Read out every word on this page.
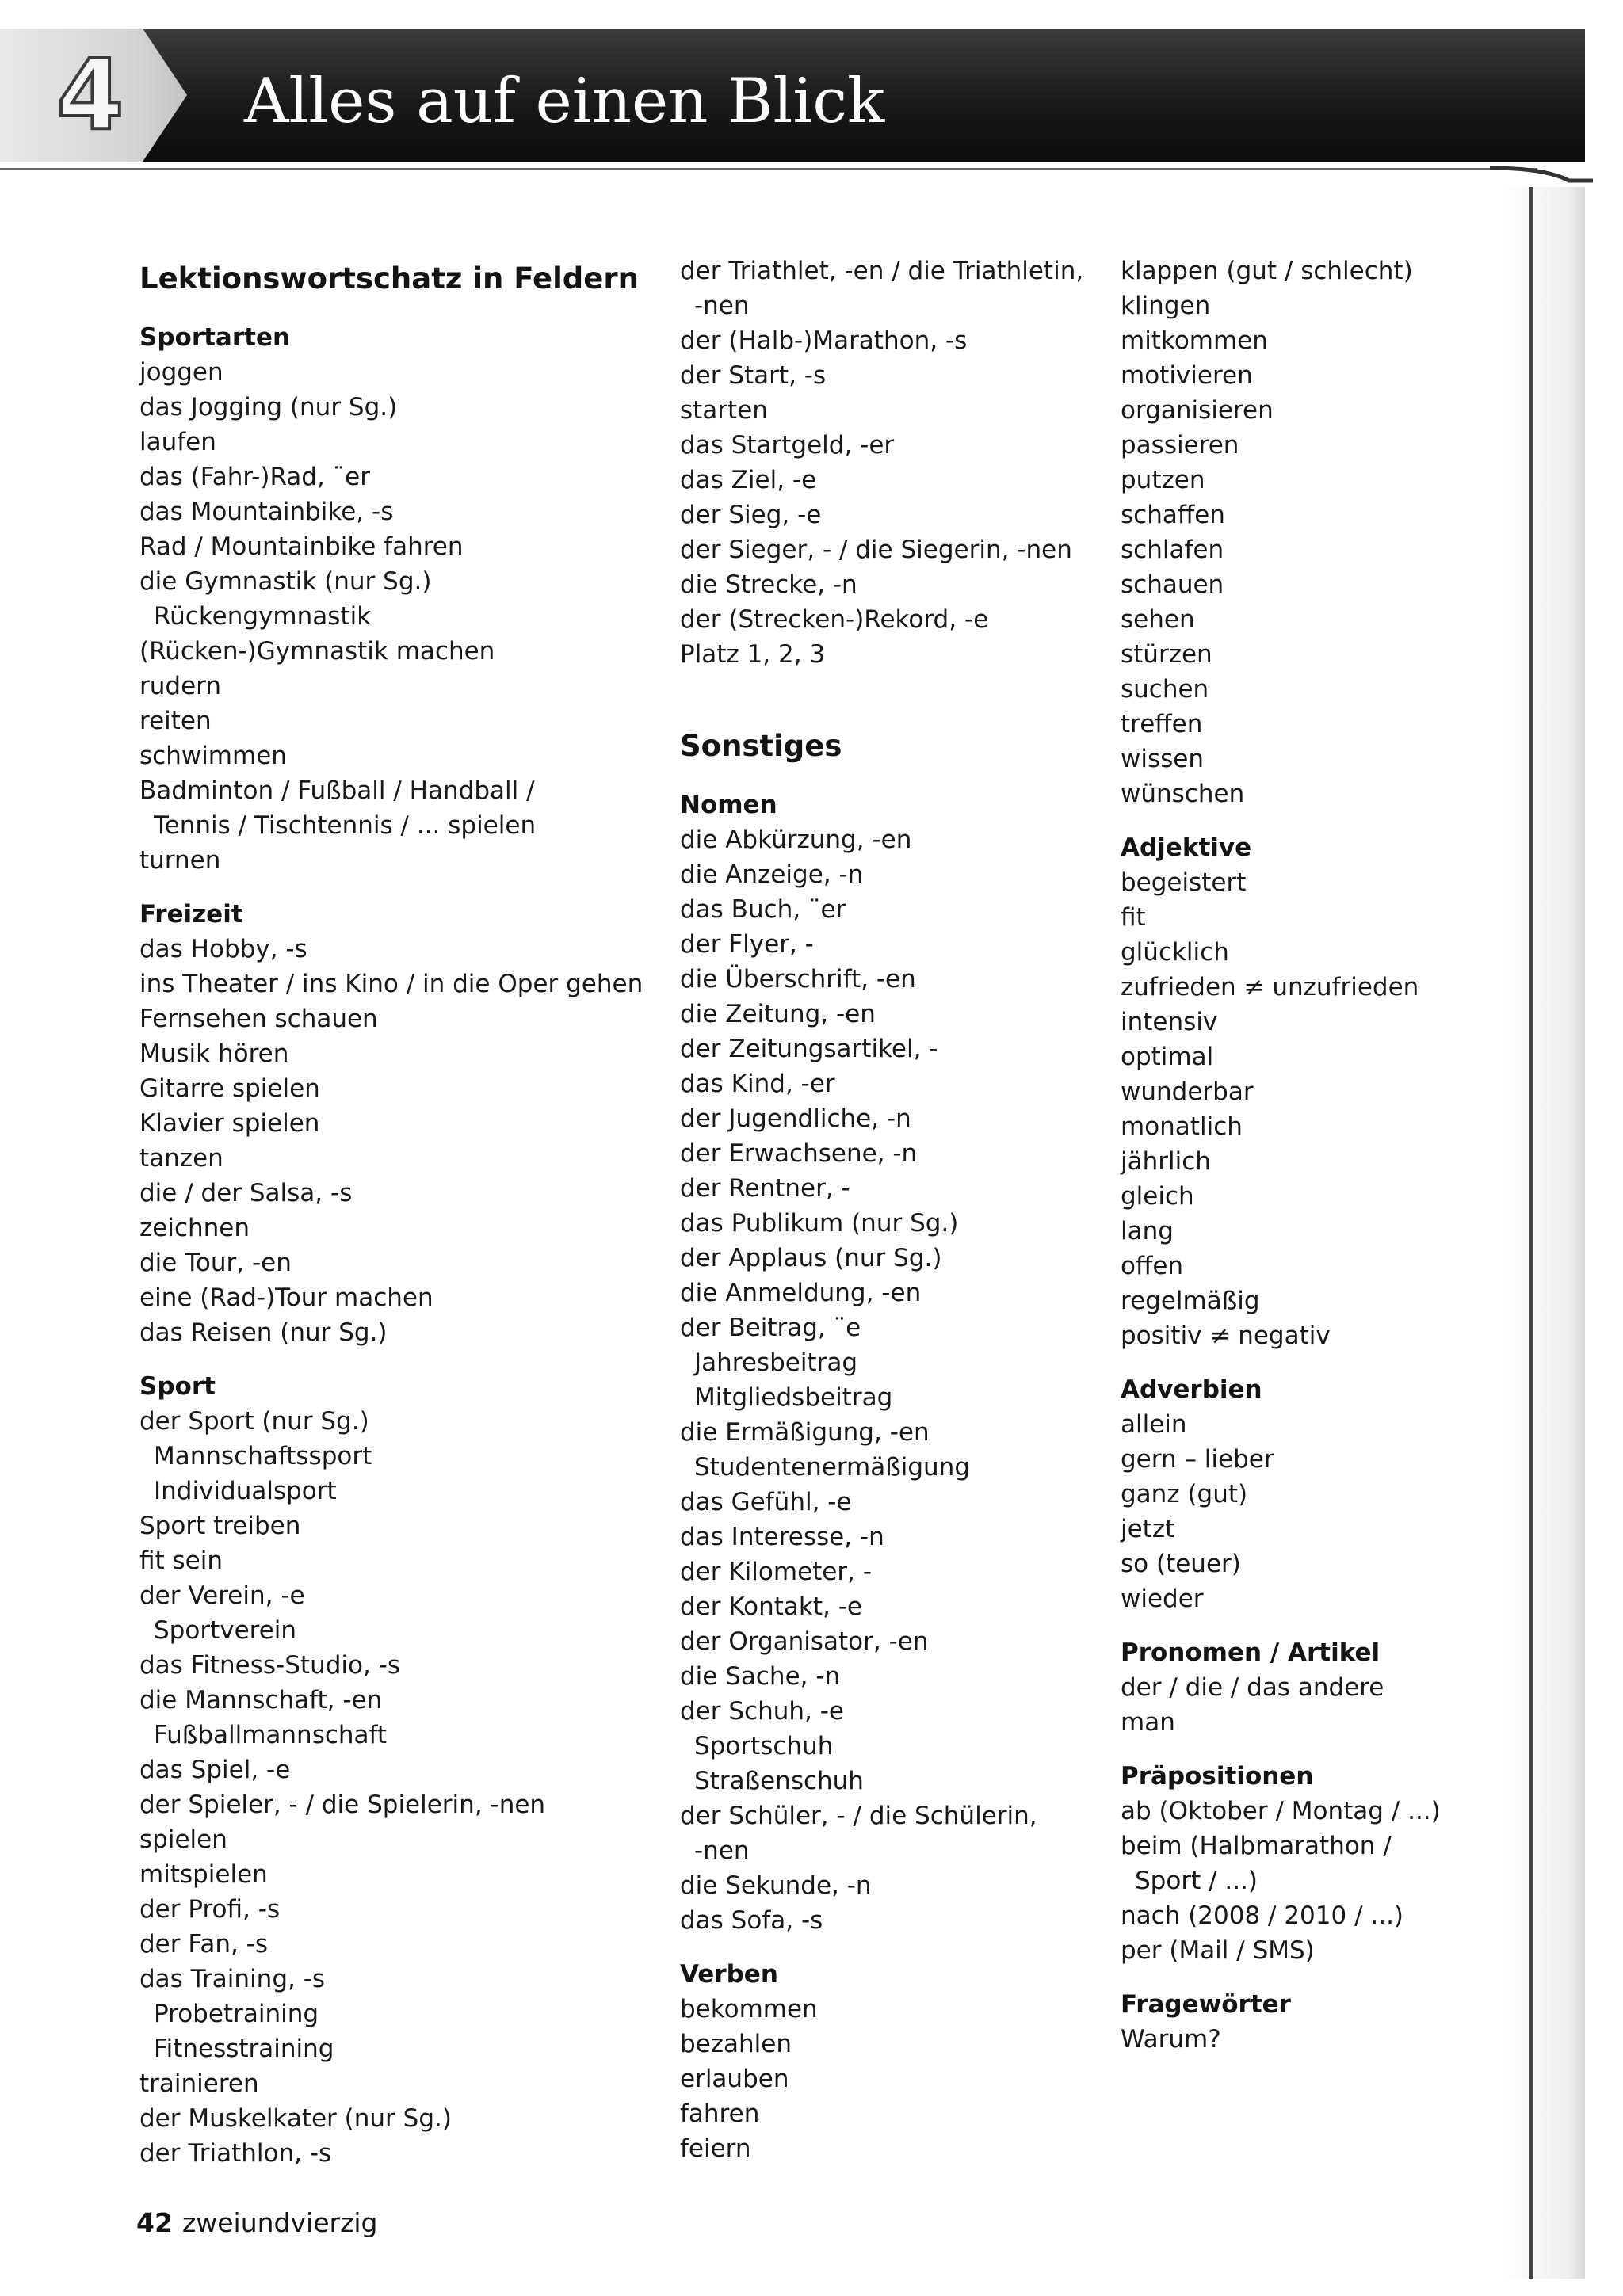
4 Alles auf einen Blick
Lektionswortschatz in Feldern
Sportarten
joggen
das Jogging (nur Sg.)
laufen
das (Fahr-)Rad, ¨er
das Mountainbike, -s
Rad / Mountainbike fahren
die Gymnastik (nur Sg.)
Rückengymnastik
(Rücken-)Gymnastik machen
rudern
reiten
schwimmen
Badminton / Fußball / Handball /
Tennis / Tischtennis / ... spielen
turnen
Freizeit
das Hobby, -s
ins Theater / ins Kino / in die Oper gehen
Fernsehen schauen
Musik hören
Gitarre spielen
Klavier spielen
tanzen
die / der Salsa, -s
zeichnen
die Tour, -en
eine (Rad-)Tour machen
das Reisen (nur Sg.)
Sport
der Sport (nur Sg.)
Mannschaftssport
Individualsport
Sport treiben
fit sein
der Verein, -e
Sportverein
das Fitness-Studio, -s
die Mannschaft, -en
Fußballmannschaft
das Spiel, -e
der Spieler, - / die Spielerin, -nen
spielen
mitspielen
der Profi, -s
der Fan, -s
das Training, -s
Probetraining
Fitnesstraining
trainieren
der Muskelkater (nur Sg.)
der Triathlon, -s
der Triathlet, -en / die Triathletin,
-nen
der (Halb-)Marathon, -s
der Start, -s
starten
das Startgeld, -er
das Ziel, -e
der Sieg, -e
der Sieger, - / die Siegerin, -nen
die Strecke, -n
der (Strecken-)Rekord, -e
Platz 1, 2, 3
Sonstiges
Nomen
die Abkürzung, -en
die Anzeige, -n
das Buch, ¨er
der Flyer, -
die Überschrift, -en
die Zeitung, -en
der Zeitungsartikel, -
das Kind, -er
der Jugendliche, -n
der Erwachsene, -n
der Rentner, -
das Publikum (nur Sg.)
der Applaus (nur Sg.)
die Anmeldung, -en
der Beitrag, ¨e
Jahresbeitrag
Mitgliedsbeitrag
die Ermäßigung, -en
Studentenermäßigung
das Gefühl, -e
das Interesse, -n
der Kilometer, -
der Kontakt, -e
der Organisator, -en
die Sache, -n
der Schuh, -e
Sportschuh
Straßenschuh
der Schüler, - / die Schülerin,
-nen
die Sekunde, -n
das Sofa, -s
Verben
bekommen
bezahlen
erlauben
fahren
feiern
klappen (gut / schlecht)
klingen
mitkommen
motivieren
organisieren
passieren
putzen
schaffen
schlafen
schauen
sehen
stürzen
suchen
treffen
wissen
wünschen
Adjektive
begeistert
fit
glücklich
zufrieden ≠ unzufrieden
intensiv
optimal
wunderbar
monatlich
jährlich
gleich
lang
offen
regelmäßig
positiv ≠ negativ
Adverbien
allein
gern – lieber
ganz (gut)
jetzt
so (teuer)
wieder
Pronomen / Artikel
der / die / das andere
man
Präpositionen
ab (Oktober / Montag / ...)
beim (Halbmarathon /
Sport / ...)
nach (2008 / 2010 / ...)
per (Mail / SMS)
Fragewörter
Warum?
42 zweiundvierzig
